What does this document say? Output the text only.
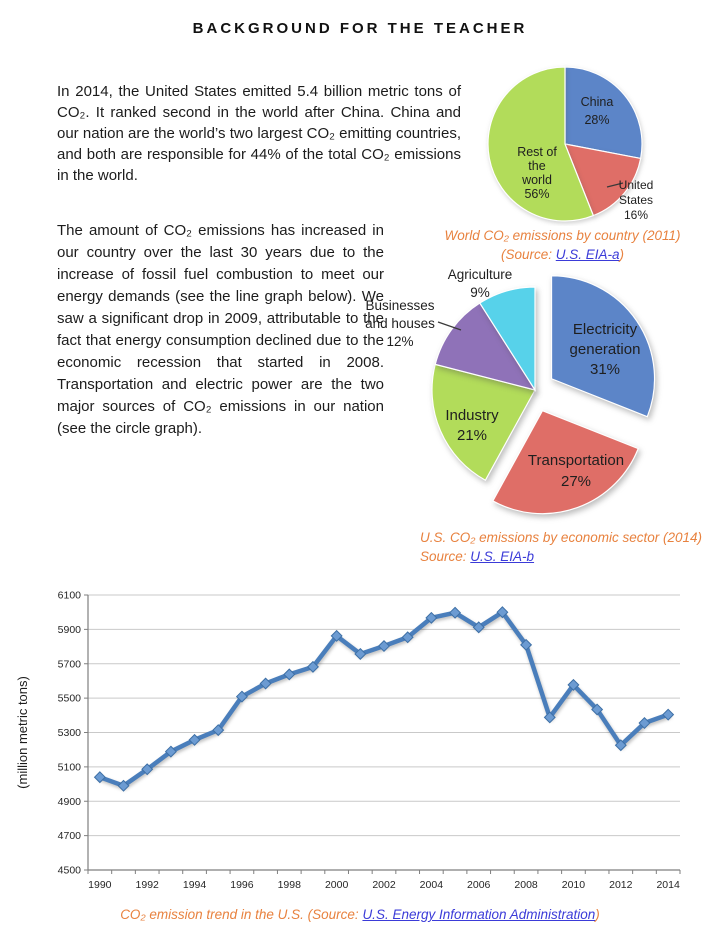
BACKGROUND FOR THE TEACHER

In 2014, the United States emitted 5.4 billion metric tons of CO₂. It ranked second in the world after China. China and our nation are the world’s two largest CO₂ emitting countries, and both are responsible for 44% of the total CO₂ emissions in the world.

China
28%
United
States
16%
Rest of
the
world
56%
World CO₂ emissions by country (2011)
(Source: U.S. EIA-a)

The amount of CO₂ emissions has increased in our country over the last 30 years due to the increase of fossil fuel combustion to meet our energy demands (see the line graph below). We saw a significant drop in 2009, attributable to the fact that energy consumption declined due to the economic recession that started in 2008. Transportation and electric power are the two major sources of CO₂ emissions in our nation (see the circle graph).

Electricity
generation
31%
Transportation
27%
Industry
21%
Businesses
and houses
12%
Agriculture
9%
U.S. CO₂ emissions by economic sector (2014)
Source: U.S. EIA-b
4500
4700
4900
5100
5300
5500
5700
5900
6100
1990 1992 1994 1996 1998 2000 2002 2004 2006 2008 2010 2012 2014
(million metric tons)
CO₂ emission trend in the U.S. (Source: U.S. Energy Information Administration)
